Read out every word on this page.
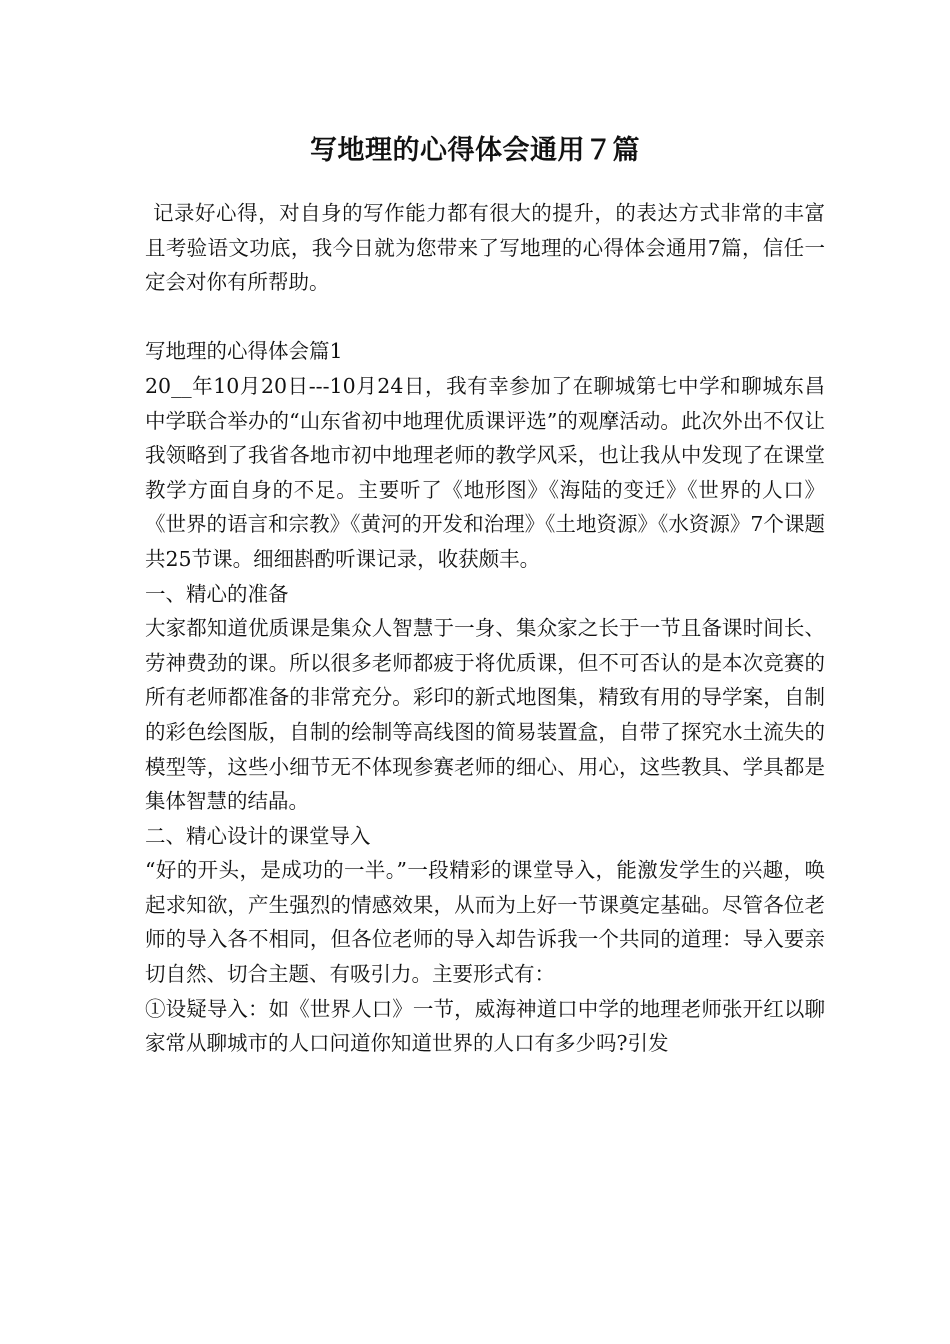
写地理的心得体会通用７篇

记录好心得，对自身的写作能力都有很大的提升，的表达方式非常的丰富且考验语文功底，我今日就为您带来了写地理的心得体会通用7篇，信任一定会对你有所帮助。

写地理的心得体会篇1

20__年10月20日---10月24日，我有幸参加了在聊城第七中学和聊城东昌中学联合举办的“山东省初中地理优质课评选”的观摩活动。此次外出不仅让我领略到了我省各地市初中地理老师的教学风采，也让我从中发现了在课堂教学方面自身的不足。主要听了《地形图》《海陆的变迁》《世界的人口》《世界的语言和宗教》《黄河的开发和治理》《土地资源》《水资源》7个课题共25节课。细细斟酌听课记录，收获颇丰。

一、精心的准备

大家都知道优质课是集众人智慧于一身、集众家之长于一节且备课时间长、劳神费劲的课。所以很多老师都疲于将优质课，但不可否认的是本次竞赛的所有老师都准备的非常充分。彩印的新式地图集，精致有用的导学案，自制的彩色绘图版，自制的绘制等高线图的简易装置盒，自带了探究水土流失的模型等，这些小细节无不体现参赛老师的细心、用心，这些教具、学具都是集体智慧的结晶。

二、精心设计的课堂导入

“好的开头，是成功的一半。”一段精彩的课堂导入，能激发学生的兴趣，唤起求知欲，产生强烈的情感效果，从而为上好一节课奠定基础。尽管各位老师的导入各不相同，但各位老师的导入却告诉我一个共同的道理：导入要亲切自然、切合主题、有吸引力。主要形式有：

①设疑导入：如《世界人口》一节，威海神道口中学的地理老师张开红以聊家常从聊城市的人口问道你知道世界的人口有多少吗?引发
